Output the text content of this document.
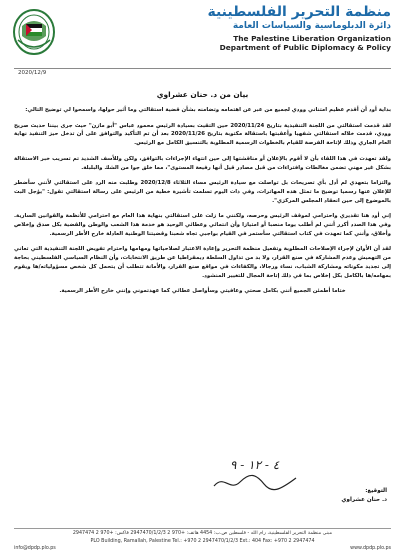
منظمة التحرير الفلسطينية
دائرة الدبلوماسية والسياسات العامة
The Palestine Liberation Organization
Department of Public Diplomacy & Policy
2020/12/9
بيان من د. حنان عشراوي

بداية أود أن أقدم عظيم امتناني وودي لجميع من عبر عن اهتمامه وتضامنه بشأن قضية استقالتي وما أثير حولها، واسمحوا لي توضيح التالي:

لقد قدمت استقالتي من اللجنة التنفيذية بتاريخ 2020/11/24 حين التقيت بسيادة الرئيس محمود عباس "أبو مازن" حيث جرى بيننا حديث صريح وودي، قدمت خلاله استقالتي شفهيا وأعقبتها باستقالة مكتوبة بتاريخ 2020/11/26 بعد أن تم التأكيد والتوافق على أن تدخل حيز التنفيذ نهاية العام الجاري وذلك لإتاحة الفرصة للقيام بالخطوات الرسمية المطلوبة بالتنسيق الكامل مع الرئيس.

ولقد تعهدت في هذا اللقاء بأن لا أقوم بالإعلان أو مناقشتها إلى حين انتهاء الإجراءات بالتوافق، ولكن وللأسف الشديد تم تسريب خبر الاستقالة بشكل غير مهني تضمن مغالطات وافتراءات من قبل مصادر قيل أنها رفيعة المستوى"، مما خلق جوا من الشك والبلبلة.

والتزاما بتعهدي لم أدل بأي تصريحات بل تواصلت مع سيادة الرئيس مساء الثلاثاء 2020/12/8 وطلبت منه الرد على استقالتي لأنني سأضطر للإعلان عنها رسميا توضيح ما تمثل هذه المهاترات، وفي ذات اليوم تسلمت تأشيرة خطية من الرئيس على رسالة استقالتي تقول: "يؤجل البت بالموضوع إلى حين انعقاد المجلس المركزي".

إني أود هنا تقديري واحترامي لموقف الرئيس وحرصه، ولكنني ما زلت على استقالتي بنهاية هذا العام مع احترامي للأنظمة والقوانين السارية. وفي هذا الصدد أكرر أنني لم أطلب يوما منصبا أو امتيازا وأن انتمائي وعطائي الوحيد هو خدمة هذا الشعب والوطن والقضية بكل صدق وإخلاص وأخلاق، وأنني كما تعهدت في كتاب استقالتي سأستمر في القيام بواجبي تجاه شعبنا وقضيتنا الوطنية العادلة خارج الأطر الرسمية.

لقد آن الأوان لإجراء الإصلاحات المطلوبة وتفعيل منظمة التحرير وإعادة الاعتبار لصلاحياتها ومهامها واحترام تفويض اللجنة التنفيذية التي تعاني من التهميش وعدم المشاركة في صنع القرار، ولا بد من تداول السلطة ديمقراطيا عن طريق الانتخابات، وأن النظام السياسي الفلسطيني بحاجة إلى تجديد مكوناته ومشاركة الشباب، نساء ورجالا، والكفاءات في مواقع صنع القرار، والأمانة تتطلب أن يتحمل كل شخص مسؤولياته/ها ويقوم بمهامه/ها بالكامل بكل إخلاص بما في ذلك إتاحة المجال للتغيير المنشود.

ختاما أطمئن الجميع أنني بكامل صحتي وعافيتي وسأواصل عطائي كما عهدتموني وإنني خارج الأطر الرسمية.

٤ - ١٢ - ٩
التوقيع:
د. حنان عشراوي
مبنى منظمة التحرير الفلسطينية، رام الله - فلسطين ص.ب: 4454 هاتف: +970 2 2947470/1/2/3 فاكس: +970 2 2947474
PLO Building, Ramallah, Palestine Tel.: +970 2 2947470/1/2/3 Ext.: 404 Fax: +970 2 2947474
info@dpdp.plo.ps	www.dpdp.plo.ps
